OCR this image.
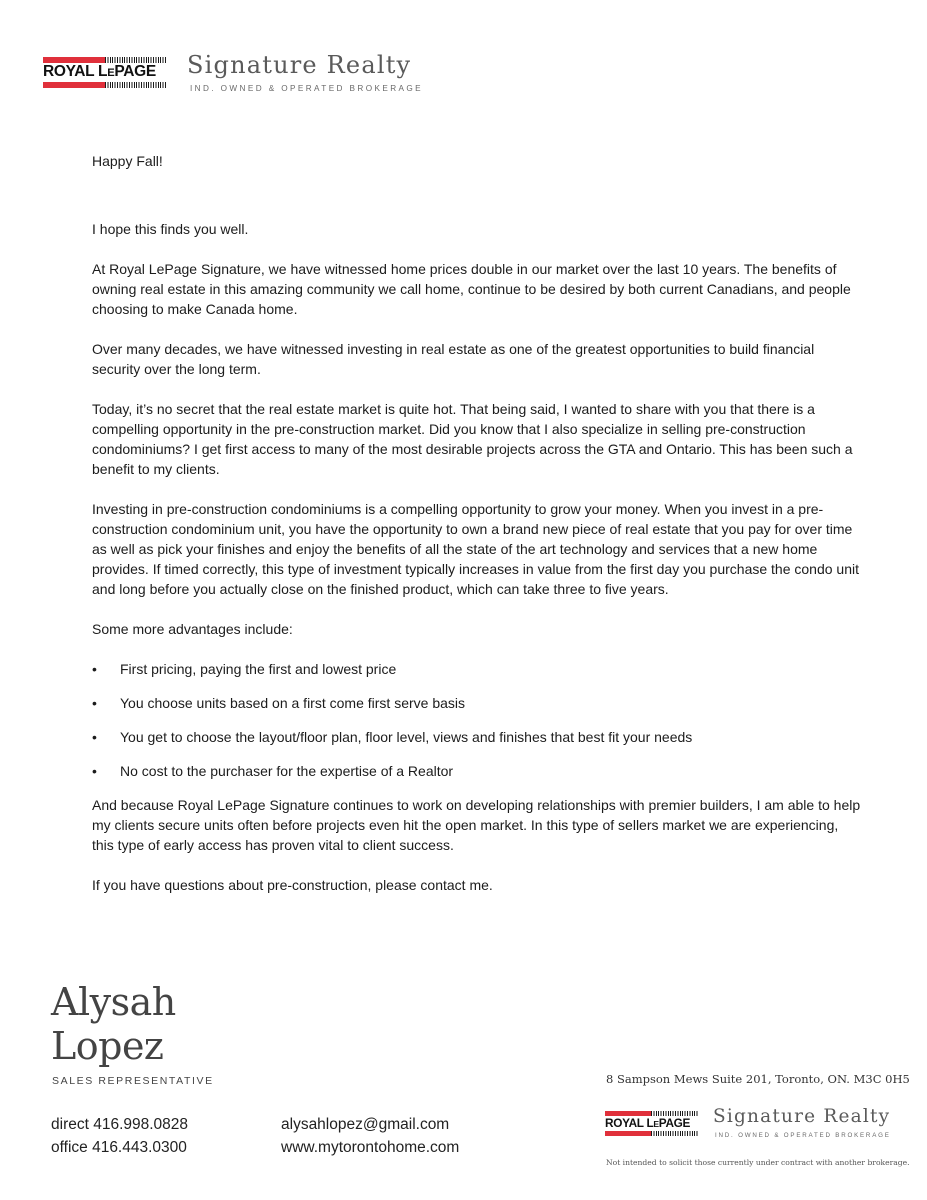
ROYAL LEPAGE	Signature Realty
IND. OWNED & OPERATED BROKERAGE

Happy Fall!

I hope this finds you well.

At Royal LePage Signature, we have witnessed home prices double in our market over the last 10 years. The benefits of owning real estate in this amazing community we call home, continue to be desired by both current Canadians, and people choosing to make Canada home.

Over many decades, we have witnessed investing in real estate as one of the greatest opportunities to build financial security over the long term.

Today, it’s no secret that the real estate market is quite hot. That being said, I wanted to share with you that there is a compelling opportunity in the pre-construction market. Did you know that I also specialize in selling pre-construction condominiums? I get first access to many of the most desirable projects across the GTA and Ontario. This has been such a benefit to my clients.

Investing in pre-construction condominiums is a compelling opportunity to grow your money. When you invest in a pre-construction condominium unit, you have the opportunity to own a brand new piece of real estate that you pay for over time as well as pick your finishes and enjoy the benefits of all the state of the art technology and services that a new home provides. If timed correctly, this type of investment typically increases in value from the first day you purchase the condo unit and long before you actually close on the finished product, which can take three to five years.

Some more advantages include:

• First pricing, paying the first and lowest price
• You choose units based on a first come first serve basis
• You get to choose the layout/floor plan, floor level, views and finishes that best fit your needs
• No cost to the purchaser for the expertise of a Realtor

And because Royal LePage Signature continues to work on developing relationships with premier builders, I am able to help my clients secure units often before projects even hit the open market. In this type of sellers market we are experiencing, this type of early access has proven vital to client success.

If you have questions about pre-construction, please contact me.

Alysah
Lopez
SALES REPRESENTATIVE
direct 416.998.0828
office 416.443.0300
alysahlopez@gmail.com
www.mytorontohome.com
8 Sampson Mews Suite 201, Toronto, ON. M3C 0H5
ROYAL LEPAGE	Signature Realty
IND. OWNED & OPERATED BROKERAGE
Not intended to solicit those currently under contract with another brokerage.
